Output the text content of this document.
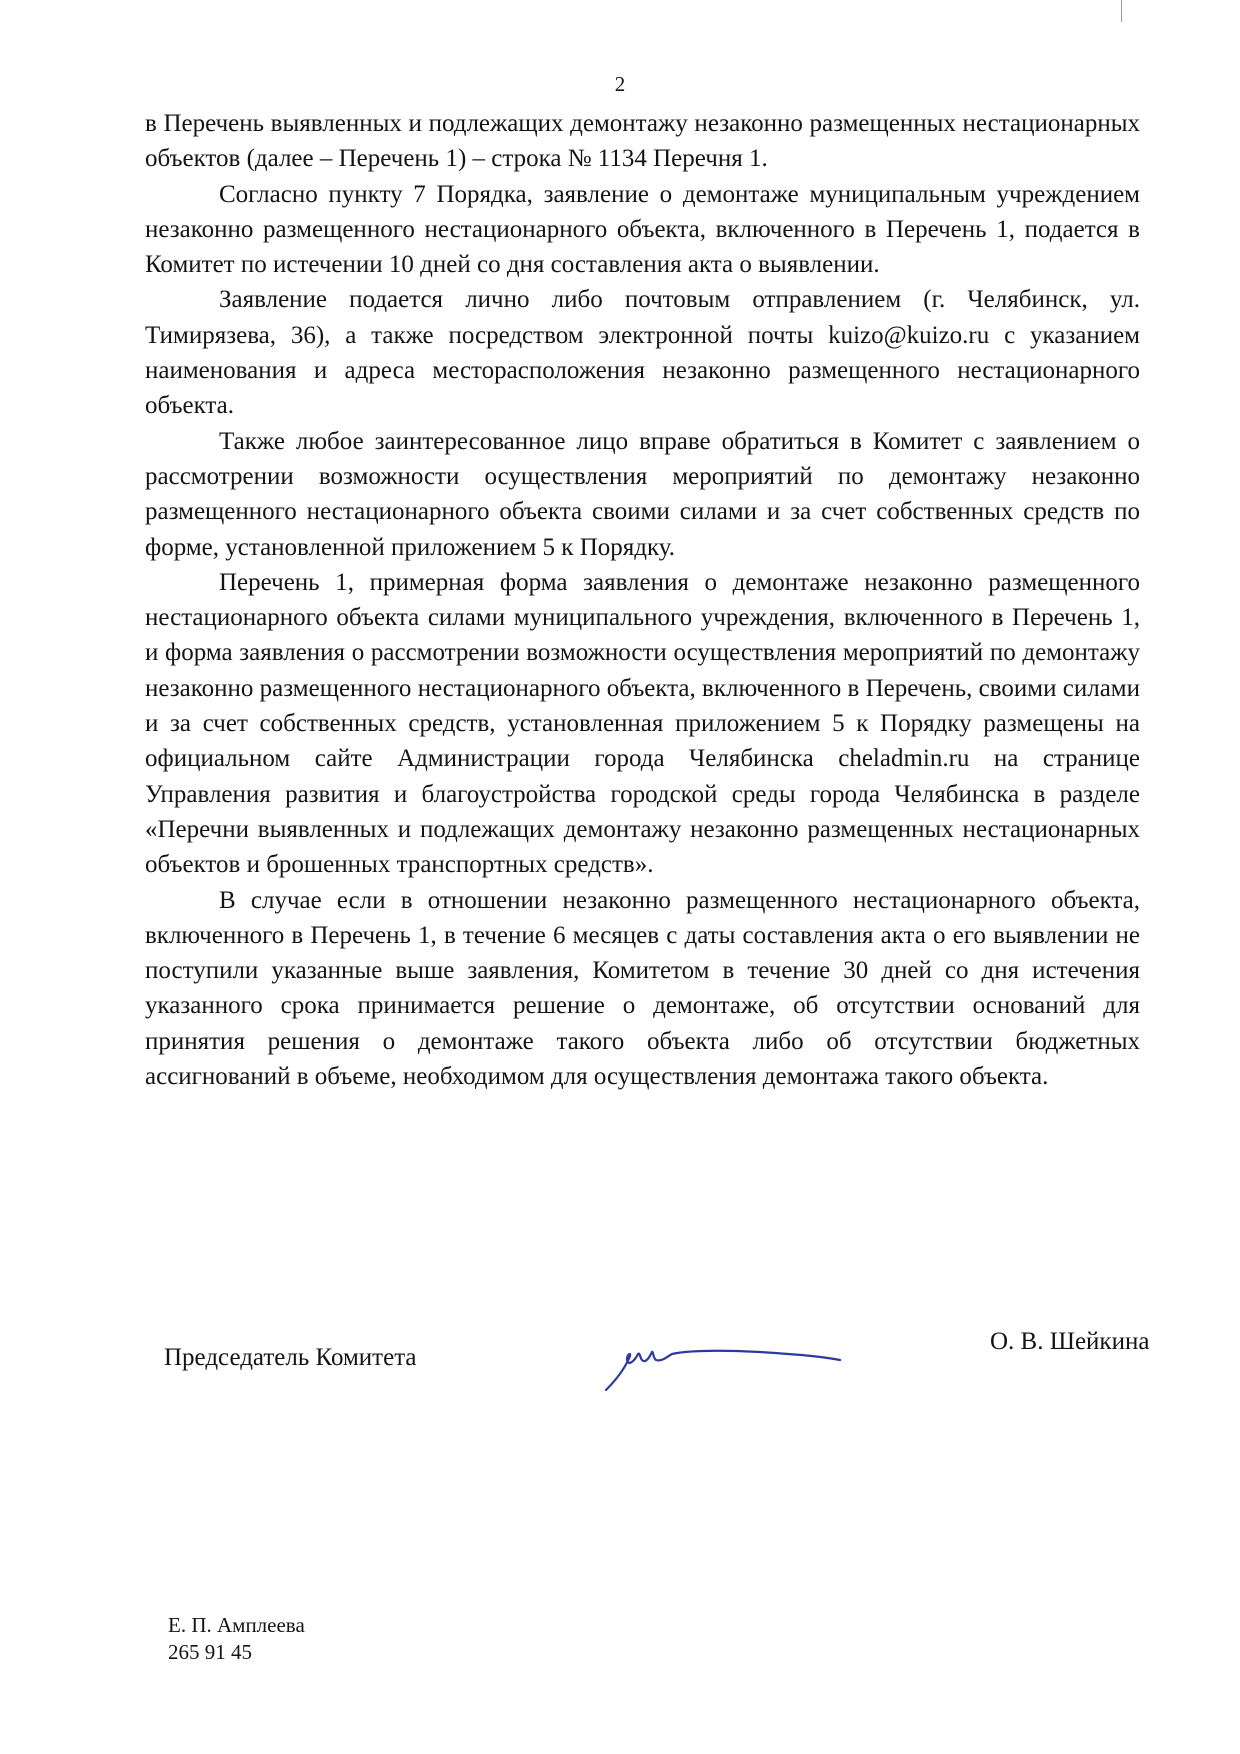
2

в Перечень выявленных и подлежащих демонтажу незаконно размещенных нестационарных объектов (далее – Перечень 1) – строка № 1134 Перечня 1.

Согласно пункту 7 Порядка, заявление о демонтаже муниципальным учреждением незаконно размещенного нестационарного объекта, включенного в Перечень 1, подается в Комитет по истечении 10 дней со дня составления акта о выявлении.

Заявление подается лично либо почтовым отправлением (г. Челябинск, ул. Тимирязева, 36), а также посредством электронной почты kuizo@kuizo.ru с указанием наименования и адреса месторасположения незаконно размещенного нестационарного объекта.

Также любое заинтересованное лицо вправе обратиться в Комитет с заявлением о рассмотрении возможности осуществления мероприятий по демонтажу незаконно размещенного нестационарного объекта своими силами и за счет собственных средств по форме, установленной приложением 5 к Порядку.

Перечень 1, примерная форма заявления о демонтаже незаконно размещенного нестационарного объекта силами муниципального учреждения, включенного в Перечень 1, и форма заявления о рассмотрении возможности осуществления мероприятий по демонтажу незаконно размещенного нестационарного объекта, включенного в Перечень, своими силами и за счет собственных средств, установленная приложением 5 к Порядку размещены на официальном сайте Администрации города Челябинска cheladmin.ru на странице Управления развития и благоустройства городской среды города Челябинска в разделе «Перечни выявленных и подлежащих демонтажу незаконно размещенных нестационарных объектов и брошенных транспортных средств».

В случае если в отношении незаконно размещенного нестационарного объекта, включенного в Перечень 1, в течение 6 месяцев с даты составления акта о его выявлении не поступили указанные выше заявления, Комитетом в течение 30 дней со дня истечения указанного срока принимается решение о демонтаже, об отсутствии оснований для принятия решения о демонтаже такого объекта либо об отсутствии бюджетных ассигнований в объеме, необходимом для осуществления демонтажа такого объекта.

Председатель Комитета
О. В. Шейкина
Е. П. Амплеева
265 91 45
